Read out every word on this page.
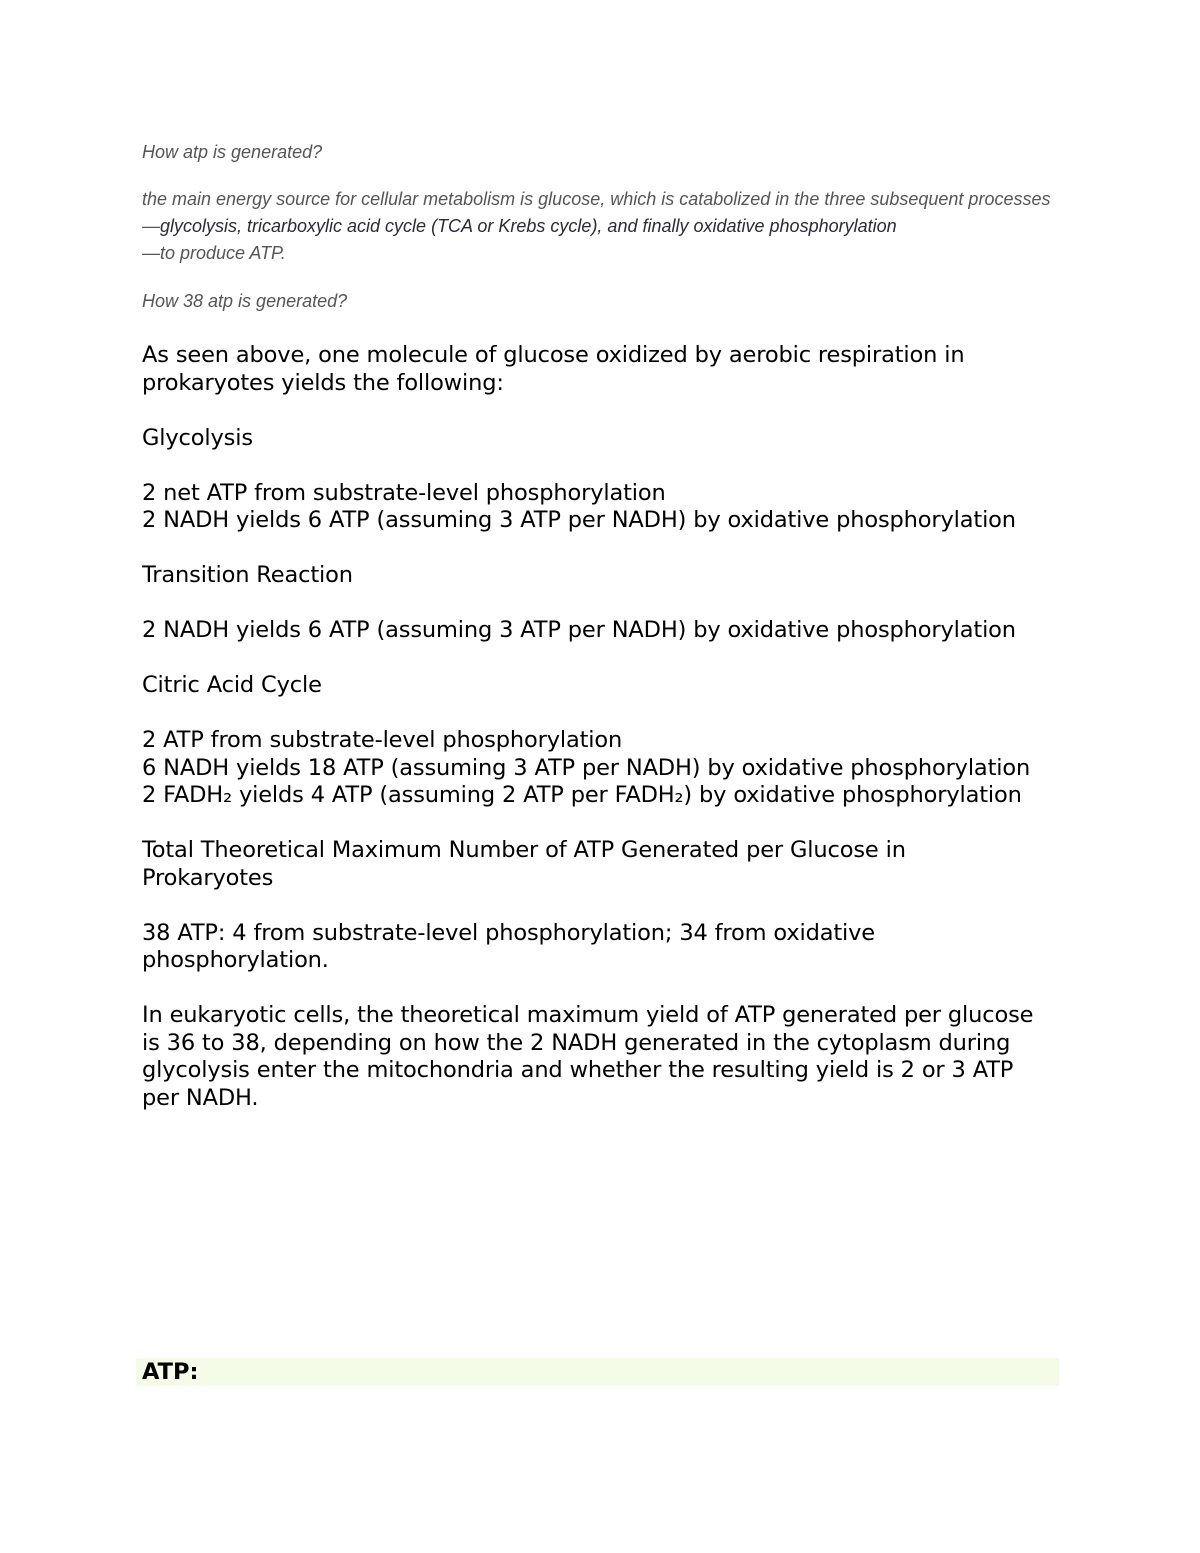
How atp is generated?

the main energy source for cellular metabolism is glucose, which is catabolized in the three subsequent processes—glycolysis, tricarboxylic acid cycle (TCA or Krebs cycle), and finally oxidative phosphorylation
—to produce ATP.

How 38 atp is generated?

As seen above, one molecule of glucose oxidized by aerobic respiration in prokaryotes yields the following:

Glycolysis

2 net ATP from substrate-level phosphorylation
2 NADH yields 6 ATP (assuming 3 ATP per NADH) by oxidative phosphorylation

Transition Reaction

2 NADH yields 6 ATP (assuming 3 ATP per NADH) by oxidative phosphorylation

Citric Acid Cycle

2 ATP from substrate-level phosphorylation
6 NADH yields 18 ATP (assuming 3 ATP per NADH) by oxidative phosphorylation
2 FADH₂ yields 4 ATP (assuming 2 ATP per FADH₂) by oxidative phosphorylation

Total Theoretical Maximum Number of ATP Generated per Glucose in Prokaryotes

38 ATP: 4 from substrate-level phosphorylation; 34 from oxidative phosphorylation.

In eukaryotic cells, the theoretical maximum yield of ATP generated per glucose is 36 to 38, depending on how the 2 NADH generated in the cytoplasm during glycolysis enter the mitochondria and whether the resulting yield is 2 or 3 ATP per NADH.

ATP:
